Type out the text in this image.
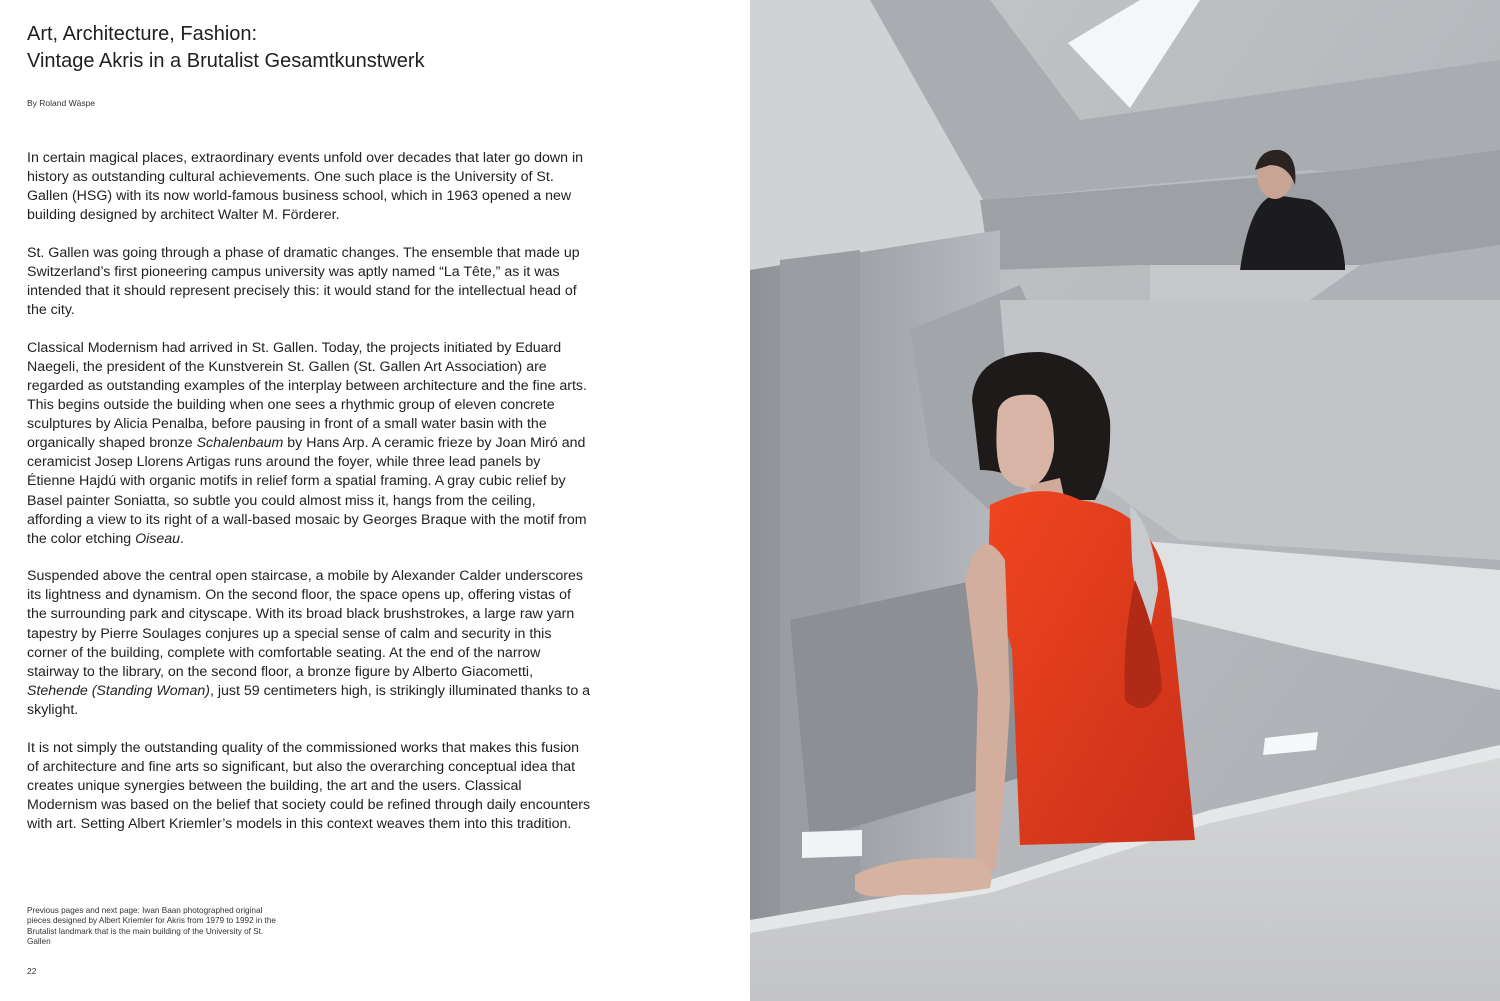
Art, Architecture, Fashion:
Vintage Akris in a Brutalist Gesamtkunstwerk
By Roland Wäspe

In certain magical places, extraordinary events unfold over decades that later go down in history as outstanding cultural achievements. One such place is the University of St. Gallen (HSG) with its now world-famous business school, which in 1963 opened a new building designed by architect Walter M. Förderer.

St. Gallen was going through a phase of dramatic changes. The ensemble that made up Switzerland’s first pioneering campus university was aptly named “La Tête,” as it was intended that it should represent precisely this: it would stand for the intellectual head of the city.

Classical Modernism had arrived in St. Gallen. Today, the projects initiated by Eduard Naegeli, the president of the Kunstverein St. Gallen (St. Gallen Art Association) are regarded as outstanding examples of the interplay between architecture and the fine arts. This begins outside the building when one sees a rhythmic group of eleven concrete sculptures by Alicia Penalba, before pausing in front of a small water basin with the organically shaped bronze Schalenbaum by Hans Arp. A ceramic frieze by Joan Miró and ceramicist Josep Llorens Artigas runs around the foyer, while three lead panels by Étienne Hajdú with organic motifs in relief form a spatial framing. A gray cubic relief by Basel painter Soniatta, so subtle you could almost miss it, hangs from the ceiling, affording a view to its right of a wall-based mosaic by Georges Braque with the motif from the color etching Oiseau.

Suspended above the central open staircase, a mobile by Alexander Calder underscores its lightness and dynamism. On the second floor, the space opens up, offering vistas of the surrounding park and cityscape. With its broad black brushstrokes, a large raw yarn tapestry by Pierre Soulages conjures up a special sense of calm and security in this corner of the building, complete with comfortable seating. At the end of the narrow stairway to the library, on the second floor, a bronze figure by Alberto Giacometti, Stehende (Standing Woman), just 59 centimeters high, is strikingly illuminated thanks to a skylight.

It is not simply the outstanding quality of the commissioned works that makes this fusion of architecture and fine arts so significant, but also the overarching conceptual idea that creates unique synergies between the building, the art and the users. Classical Modernism was based on the belief that society could be refined through daily encounters with art. Setting Albert Kriemler’s models in this context weaves them into this tradition.

Previous pages and next page: Iwan Baan photographed original pieces designed by Albert Kriemler for Akris from 1979 to 1992 in the Brutalist landmark that is the main building of the University of St. Gallen
22
